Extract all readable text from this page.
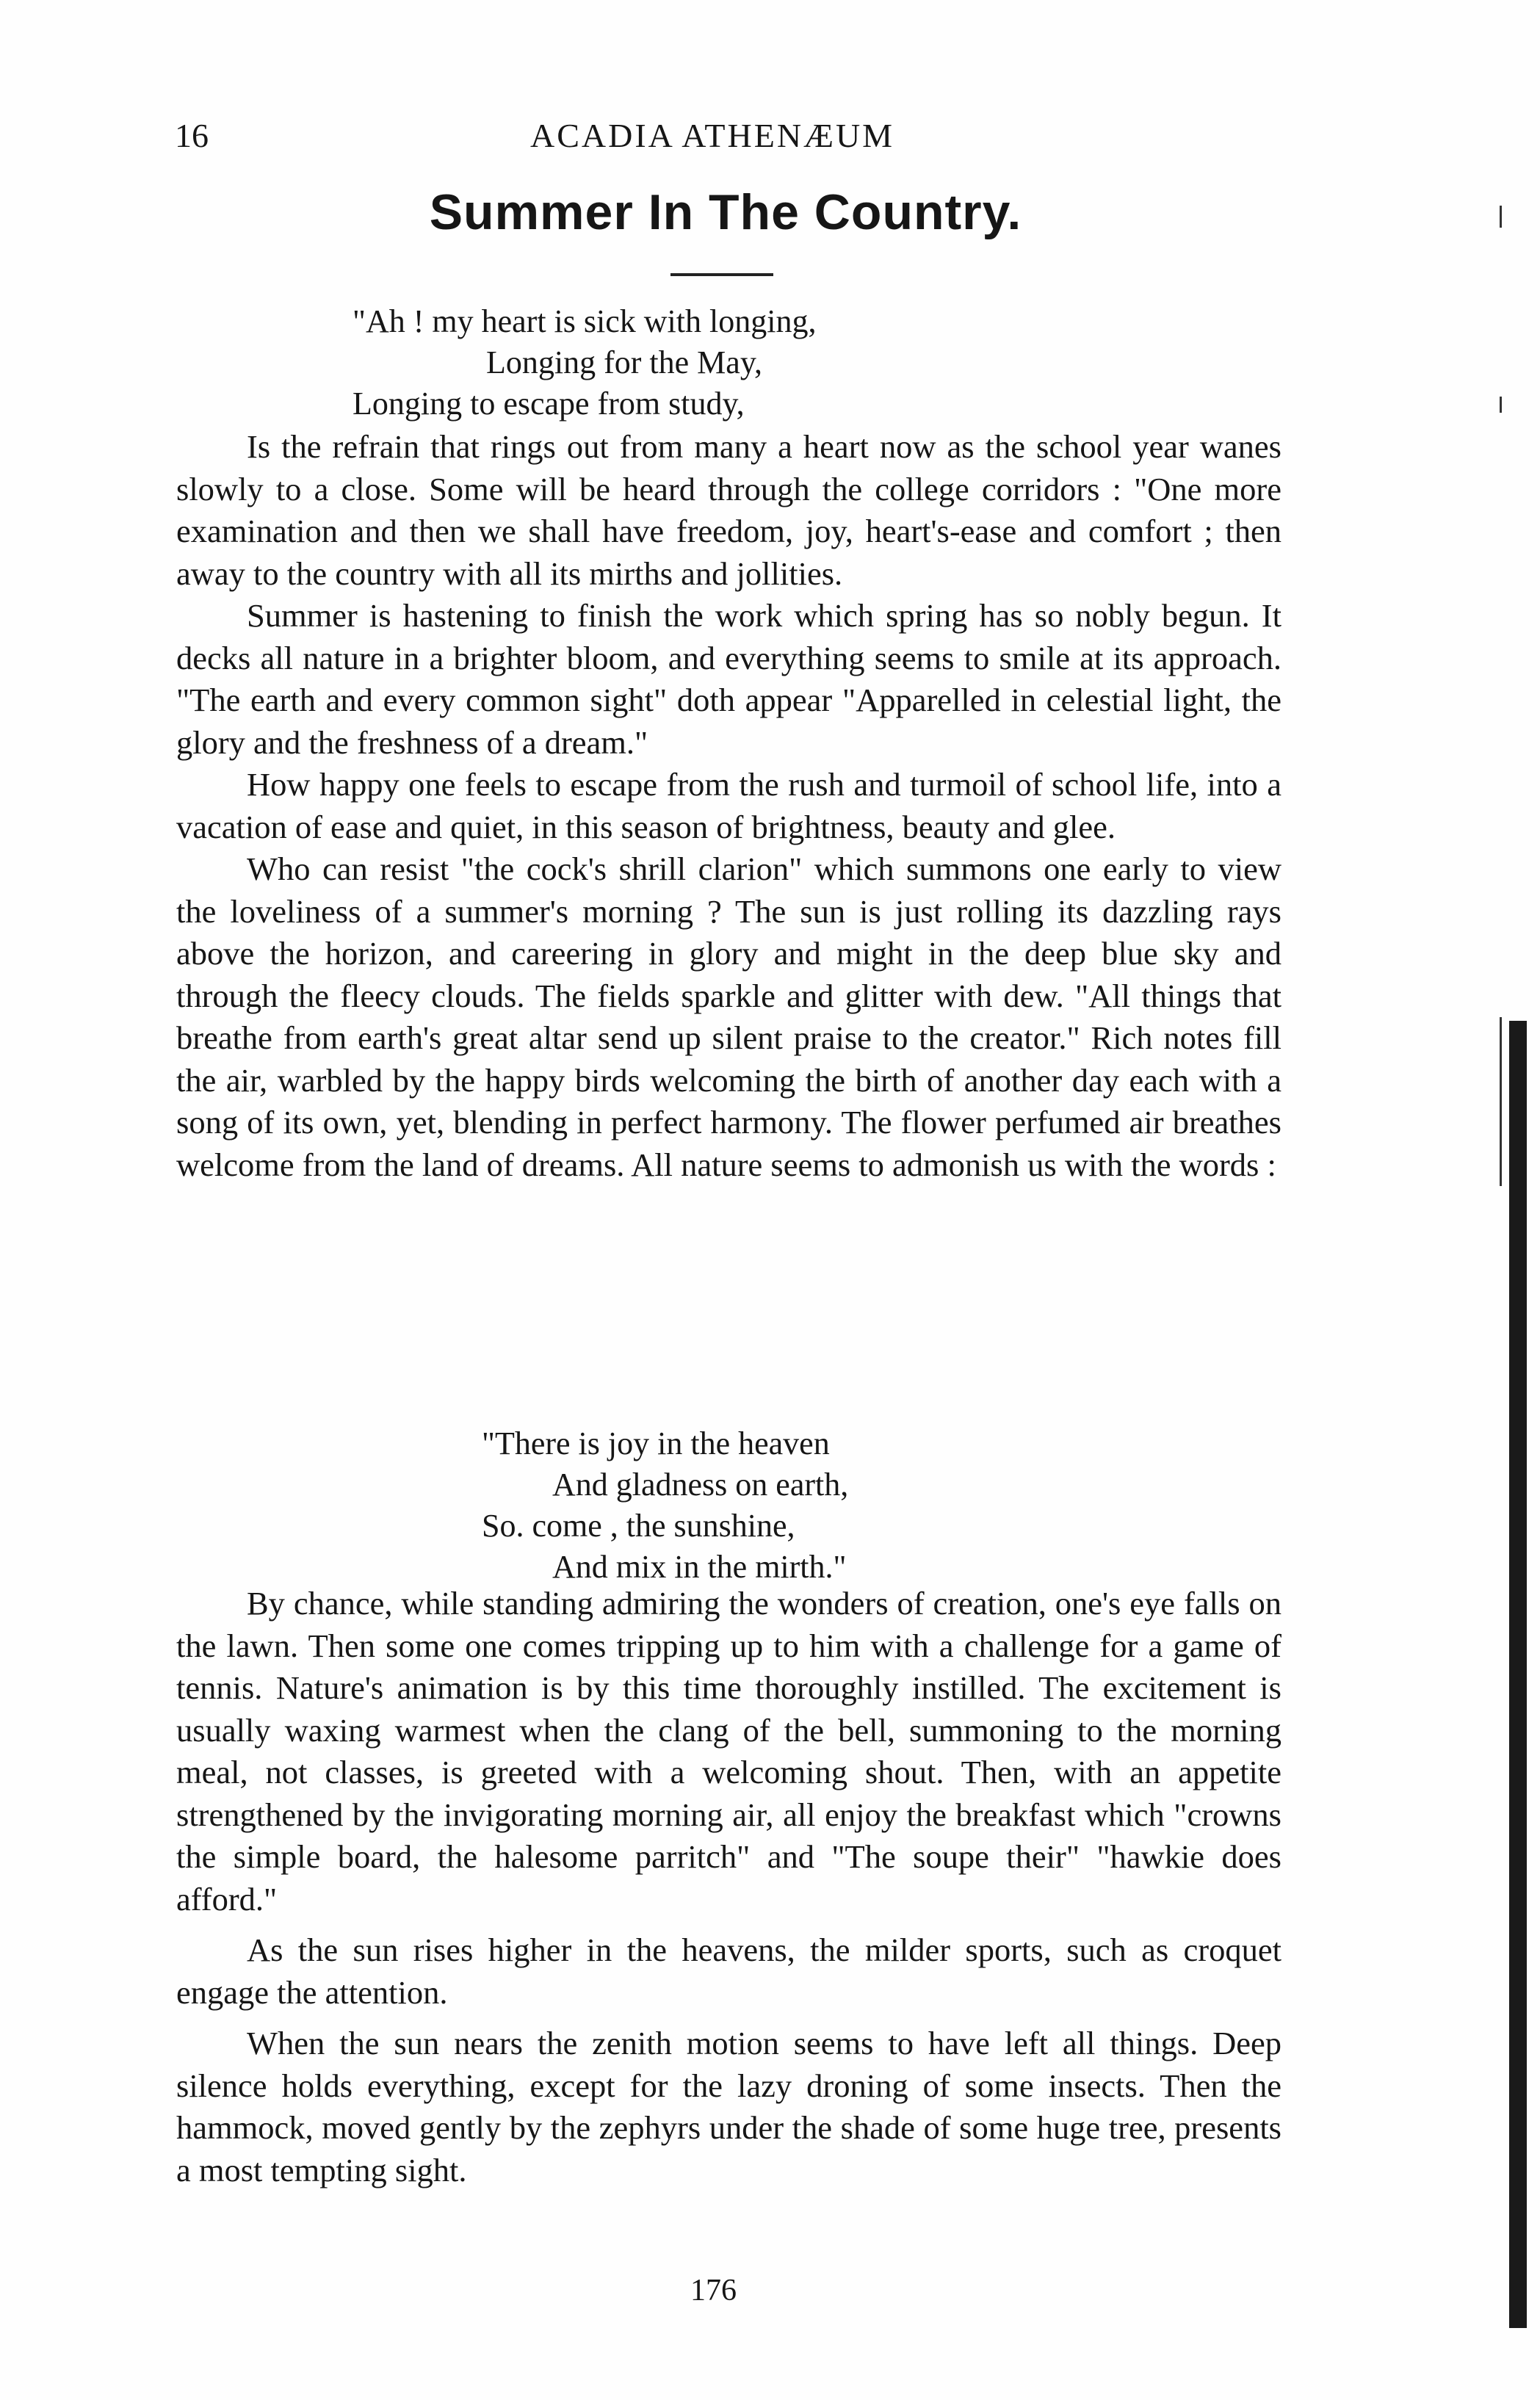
16	ACADIA ATHENÆUM
Summer In The Country.
"Ah ! my heart is sick with longing,
Longing for the May,
Longing to escape from study,

Is the refrain that rings out from many a heart now as the school year wanes slowly to a close. Some will be heard through the college corridors : "One more examination and then we shall have freedom, joy, heart's-ease and comfort ; then away to the country with all its mirths and jollities.

Summer is hastening to finish the work which spring has so nobly begun. It decks all nature in a brighter bloom, and everything seems to smile at its approach. "The earth and every common sight" doth appear "Apparelled in celestial light, the glory and the freshness of a dream."

How happy one feels to escape from the rush and turmoil of school life, into a vacation of ease and quiet, in this season of brightness, beauty and glee.

Who can resist "the cock's shrill clarion" which summons one early to view the loveliness of a summer's morning ? The sun is just rolling its dazzling rays above the horizon, and careering in glory and might in the deep blue sky and through the fleecy clouds. The fields sparkle and glitter with dew. "All things that breathe from earth's great altar send up silent praise to the creator." Rich notes fill the air, warbled by the happy birds welcoming the birth of another day each with a song of its own, yet, blending in perfect harmony. The flower perfumed air breathes welcome from the land of dreams. All nature seems to admonish us with the words :

"There is joy in the heaven
And gladness on earth,
So. come , the sunshine,
And mix in the mirth."

By chance, while standing admiring the wonders of creation, one's eye falls on the lawn. Then some one comes tripping up to him with a challenge for a game of tennis. Nature's animation is by this time thoroughly instilled. The excitement is usually waxing warmest when the clang of the bell, summoning to the morning meal, not classes, is greeted with a welcoming shout. Then, with an appetite strengthened by the invigorating morning air, all enjoy the breakfast which "crowns the simple board, the halesome parritch" and "The soupe their" "hawkie does afford."

As the sun rises higher in the heavens, the milder sports, such as croquet engage the attention.

When the sun nears the zenith motion seems to have left all things. Deep silence holds everything, except for the lazy droning of some insects. Then the hammock, moved gently by the zephyrs under the shade of some huge tree, presents a most tempting sight.

176
